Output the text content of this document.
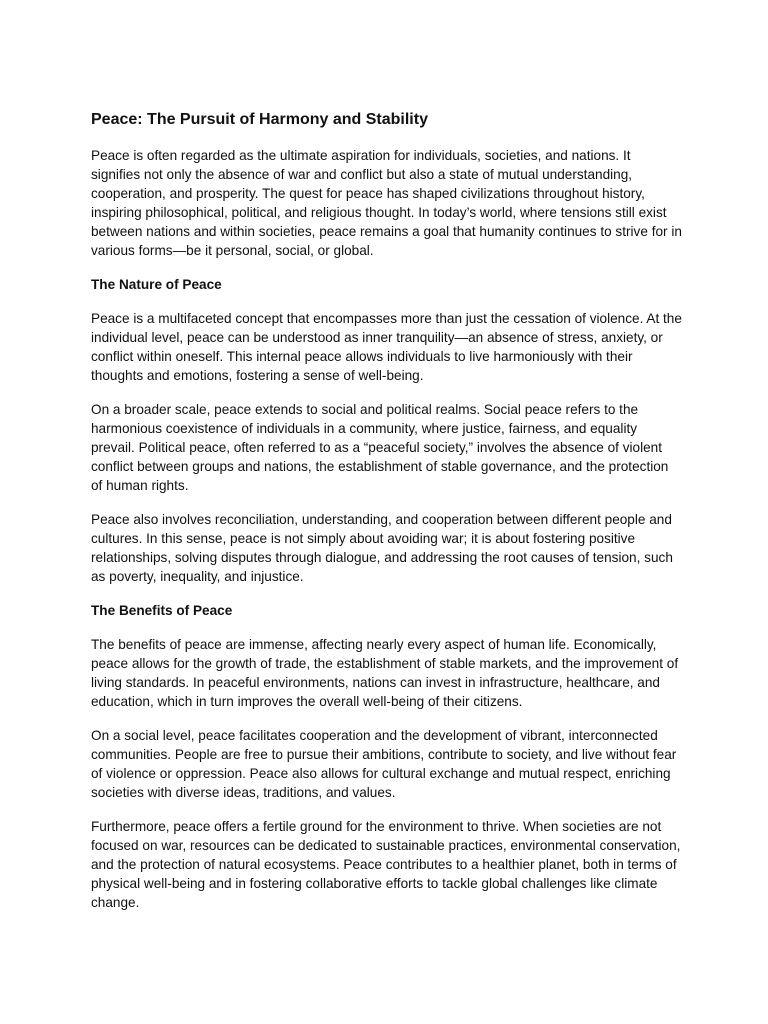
Peace: The Pursuit of Harmony and Stability

Peace is often regarded as the ultimate aspiration for individuals, societies, and nations. It signifies not only the absence of war and conflict but also a state of mutual understanding, cooperation, and prosperity. The quest for peace has shaped civilizations throughout history, inspiring philosophical, political, and religious thought. In today’s world, where tensions still exist between nations and within societies, peace remains a goal that humanity continues to strive for in various forms—be it personal, social, or global.

The Nature of Peace

Peace is a multifaceted concept that encompasses more than just the cessation of violence. At the individual level, peace can be understood as inner tranquility—an absence of stress, anxiety, or conflict within oneself. This internal peace allows individuals to live harmoniously with their thoughts and emotions, fostering a sense of well-being.

On a broader scale, peace extends to social and political realms. Social peace refers to the harmonious coexistence of individuals in a community, where justice, fairness, and equality prevail. Political peace, often referred to as a “peaceful society,” involves the absence of violent conflict between groups and nations, the establishment of stable governance, and the protection of human rights.

Peace also involves reconciliation, understanding, and cooperation between different people and cultures. In this sense, peace is not simply about avoiding war; it is about fostering positive relationships, solving disputes through dialogue, and addressing the root causes of tension, such as poverty, inequality, and injustice.

The Benefits of Peace

The benefits of peace are immense, affecting nearly every aspect of human life. Economically, peace allows for the growth of trade, the establishment of stable markets, and the improvement of living standards. In peaceful environments, nations can invest in infrastructure, healthcare, and education, which in turn improves the overall well-being of their citizens.

On a social level, peace facilitates cooperation and the development of vibrant, interconnected communities. People are free to pursue their ambitions, contribute to society, and live without fear of violence or oppression. Peace also allows for cultural exchange and mutual respect, enriching societies with diverse ideas, traditions, and values.

Furthermore, peace offers a fertile ground for the environment to thrive. When societies are not focused on war, resources can be dedicated to sustainable practices, environmental conservation, and the protection of natural ecosystems. Peace contributes to a healthier planet, both in terms of physical well-being and in fostering collaborative efforts to tackle global challenges like climate change.
